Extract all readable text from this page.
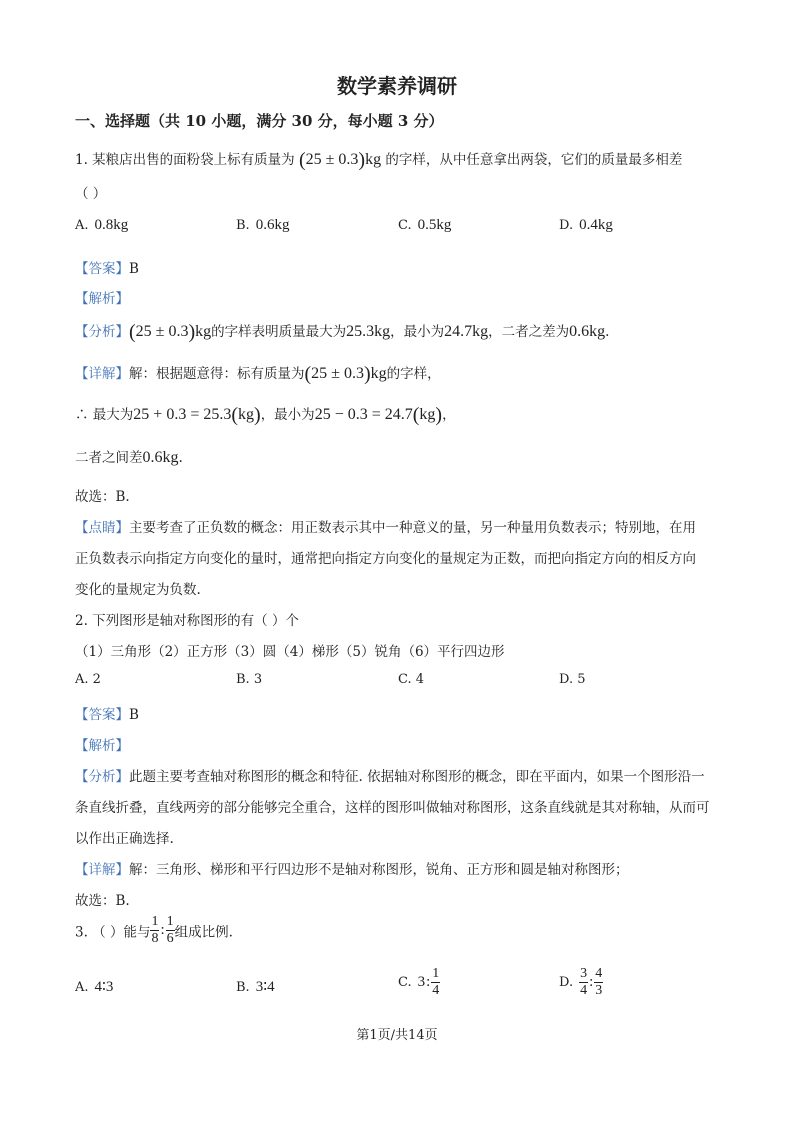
数学素养调研
一、选择题（共 10 小题，满分 30 分，每小题 3 分）
1. 某粮店出售的面粉袋上标有质量为 (25 ± 0.3)kg 的字样，从中任意拿出两袋，它们的质量最多相差
（ ）
A. 0.8kg	B. 0.6kg	C. 0.5kg	D. 0.4kg
【答案】B
【解析】
【分析】(25 ± 0.3)kg的字样表明质量最大为25.3kg，最小为24.7kg，二者之差为0.6kg.
【详解】解：根据题意得：标有质量为(25 ± 0.3)kg的字样，
∴ 最大为25 + 0.3 = 25.3(kg)，最小为25 − 0.3 = 24.7(kg)，
二者之间差0.6kg.
故选：B.
【点睛】主要考查了正负数的概念：用正数表示其中一种意义的量，另一种量用负数表示；特别地，在用
正负数表示向指定方向变化的量时，通常把向指定方向变化的量规定为正数，而把向指定方向的相反方向
变化的量规定为负数.
2. 下列图形是轴对称图形的有（ ）个
（1）三角形（2）正方形（3）圆（4）梯形（5）锐角（6）平行四边形
A. 2	B. 3	C. 4	D. 5
【答案】B
【解析】
【分析】此题主要考查轴对称图形的概念和特征. 依据轴对称图形的概念，即在平面内，如果一个图形沿一
条直线折叠，直线两旁的部分能够完全重合，这样的图形叫做轴对称图形，这条直线就是其对称轴，从而可
以作出正确选择.
【详解】解：三角形、梯形和平行四边形不是轴对称图形，锐角、正方形和圆是轴对称图形；
故选：B.
3. （ ）能与 $\frac{1}{8}$ : $\frac{1}{6}$ 组成比例.
A. 4∶3	B. 3∶4	C. 3: $\frac{1}{4}$	D. $\frac{3}{4}$ : $\frac{4}{3}$
第1页/共14页
